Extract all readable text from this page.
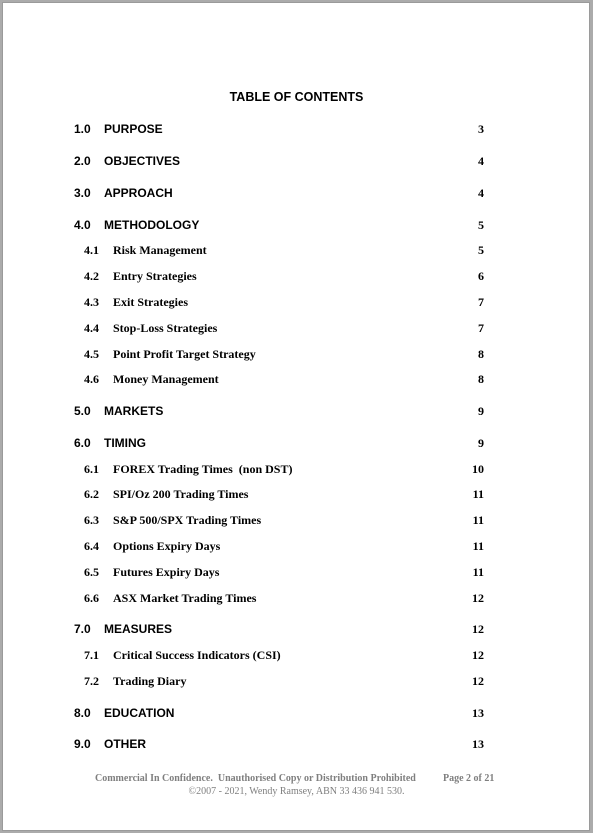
TABLE OF CONTENTS
1.0 PURPOSE	3
2.0 OBJECTIVES	4
3.0 APPROACH	4
4.0 METHODOLOGY	5
4.1 Risk Management	5
4.2 Entry Strategies	6
4.3 Exit Strategies	7
4.4 Stop-Loss Strategies	7
4.5 Point Profit Target Strategy	8
4.6 Money Management	8
5.0 MARKETS	9
6.0 TIMING	9
6.1 FOREX Trading Times  (non DST)	10
6.2 SPI/Oz 200 Trading Times	11
6.3 S&P 500/SPX Trading Times	11
6.4 Options Expiry Days	11
6.5 Futures Expiry Days	11
6.6 ASX Market Trading Times	12
7.0 MEASURES	12
7.1 Critical Success Indicators (CSI)	12
7.2 Trading Diary	12
8.0 EDUCATION	13
9.0 OTHER	13
Commercial In Confidence.  Unauthorised Copy or Distribution Prohibited	Page 2 of 21
©2007 - 2021, Wendy Ramsey, ABN 33 436 941 530​.
